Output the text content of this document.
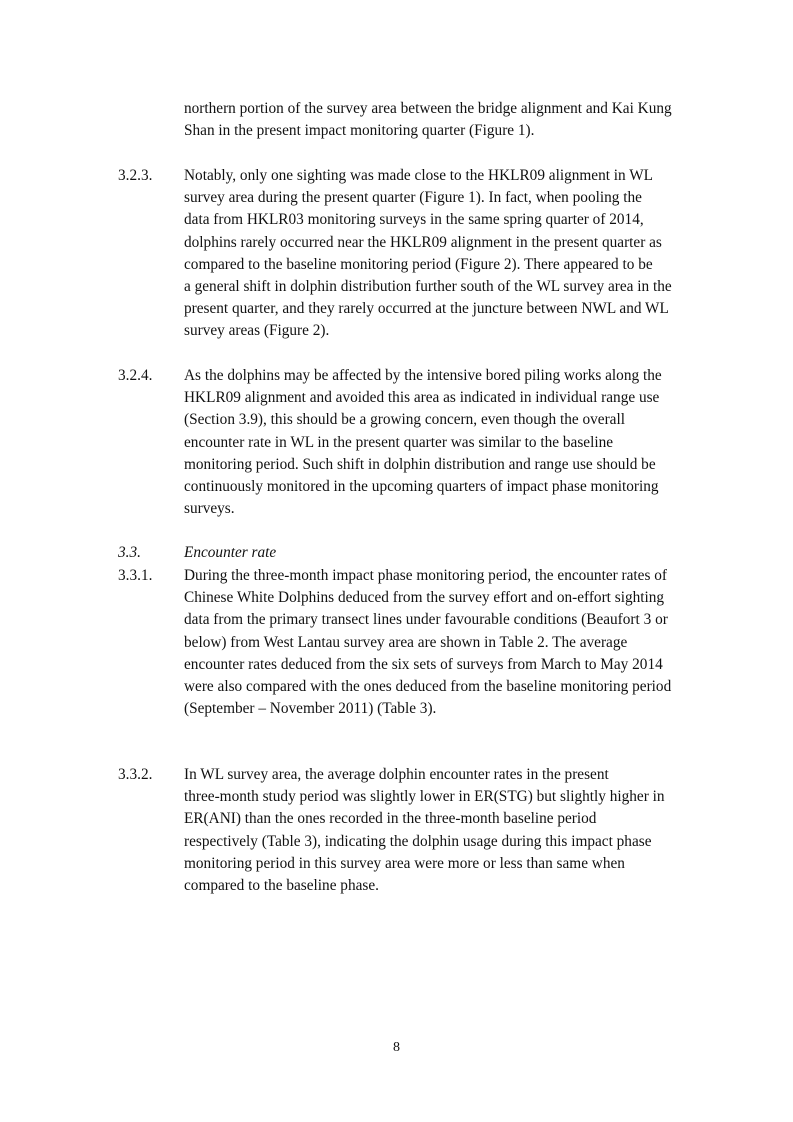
northern portion of the survey area between the bridge alignment and Kai Kung
Shan in the present impact monitoring quarter (Figure 1).
3.2.3. Notably, only one sighting was made close to the HKLR09 alignment in WL
survey area during the present quarter (Figure 1). In fact, when pooling the
data from HKLR03 monitoring surveys in the same spring quarter of 2014,
dolphins rarely occurred near the HKLR09 alignment in the present quarter as
compared to the baseline monitoring period (Figure 2). There appeared to be
a general shift in dolphin distribution further south of the WL survey area in the
present quarter, and they rarely occurred at the juncture between NWL and WL
survey areas (Figure 2).
3.2.4. As the dolphins may be affected by the intensive bored piling works along the
HKLR09 alignment and avoided this area as indicated in individual range use
(Section 3.9), this should be a growing concern, even though the overall
encounter rate in WL in the present quarter was similar to the baseline
monitoring period. Such shift in dolphin distribution and range use should be
continuously monitored in the upcoming quarters of impact phase monitoring
surveys.
3.3.	Encounter rate
3.3.1. During the three-month impact phase monitoring period, the encounter rates of
Chinese White Dolphins deduced from the survey effort and on-effort sighting
data from the primary transect lines under favourable conditions (Beaufort 3 or
below) from West Lantau survey area are shown in Table 2. The average
encounter rates deduced from the six sets of surveys from March to May 2014
were also compared with the ones deduced from the baseline monitoring period
(September – November 2011) (Table 3).
3.3.2. In WL survey area, the average dolphin encounter rates in the present
three-month study period was slightly lower in ER(STG) but slightly higher in
ER(ANI) than the ones recorded in the three-month baseline period
respectively (Table 3), indicating the dolphin usage during this impact phase
monitoring period in this survey area were more or less than same when
compared to the baseline phase.
8
